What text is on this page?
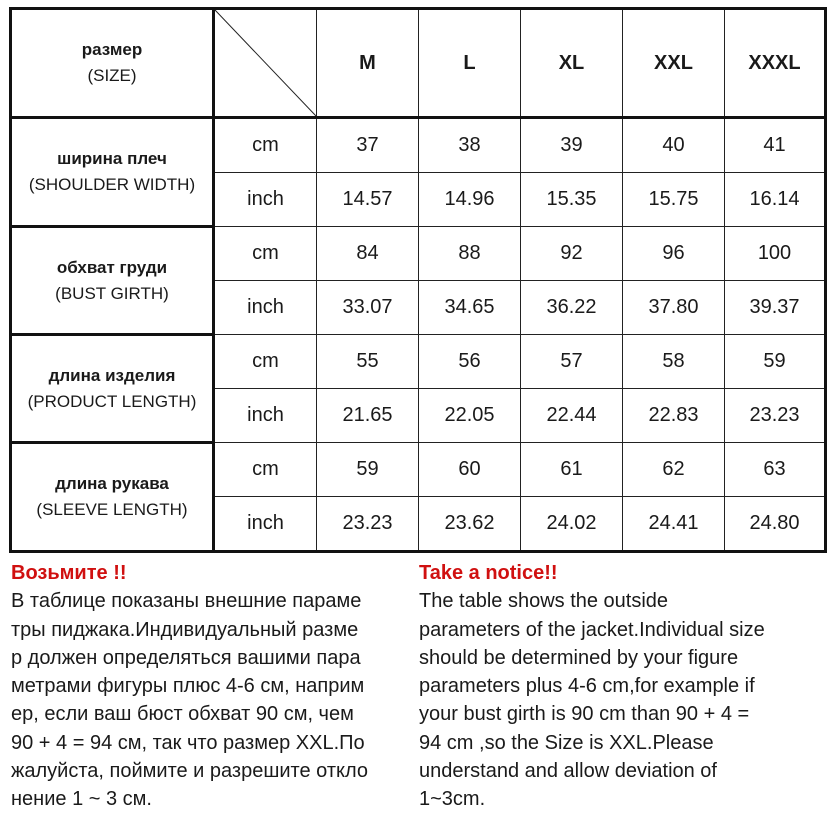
размер
(SIZE)		M	L	XL	XXL	XXXL

ширина плеч
(SHOULDER WIDTH)	cm	37	38	39	40	41
	inch	14.57	14.96	15.35	15.75	16.14

обхват груди
(BUST GIRTH)	cm	84	88	92	96	100
	inch	33.07	34.65	36.22	37.80	39.37

длина изделия
(PRODUCT LENGTH)	cm	55	56	57	58	59
	inch	21.65	22.05	22.44	22.83	23.23

длина рукава
(SLEEVE LENGTH)	cm	59	60	61	62	63
	inch	23.23	23.62	24.02	24.41	24.80
Возьмите !!
В таблице показаны внешние параме
тры пиджака.Индивидуальный разме
р должен определяться вашими пара
метрами фигуры плюс 4-6 см, наприм
ер, если ваш бюст обхват 90 см, чем
90 + 4 = 94 см, так что размер XXL.По
жалуйста, поймите и разрешите откло
нение 1 ~ 3 см.
Take a notice!!
The table shows the outside
parameters of the jacket.Individual size
should be determined by your figure
parameters plus 4-6 cm,for example if
your bust girth is 90 cm than 90 + 4 =
94 cm ,so the Size is XXL.Please
understand and allow deviation of
1~3cm.
